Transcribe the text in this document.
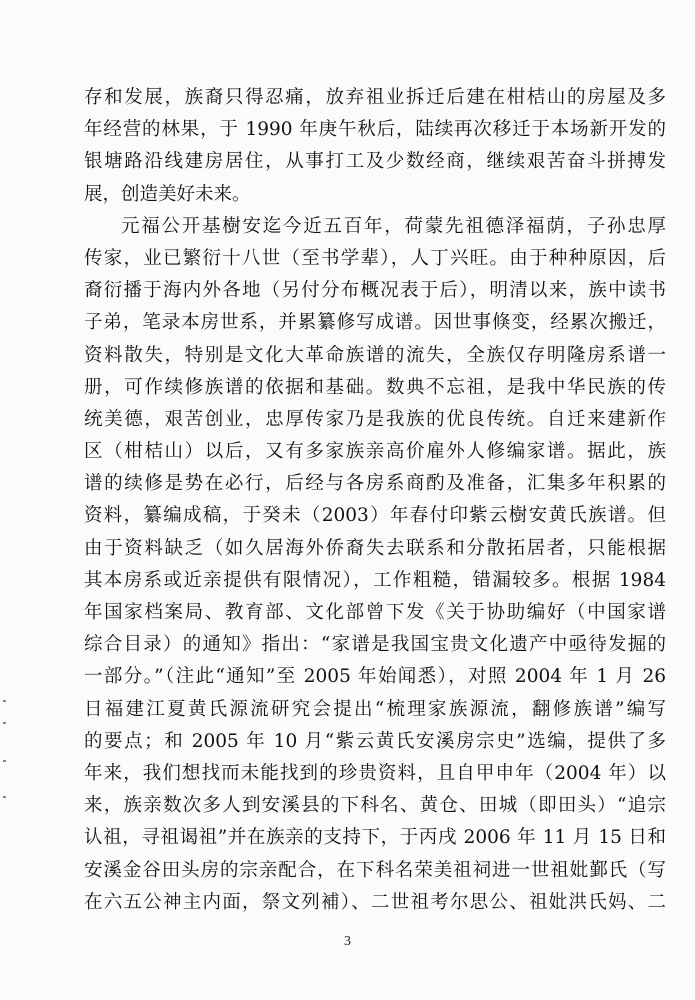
存和发展，族裔只得忍痛，放弃祖业拆迁后建在柑桔山的房屋及多
年经营的林果，于 1990 年庚午秋后，陆续再次移迁于本场新开发的
银塘路沿线建房居住，从事打工及少数经商，继续艰苦奋斗拼搏发
展，创造美好未来。
元福公开基樹安迄今近五百年，荷蒙先祖德泽福荫，子孙忠厚
传家，业已繁衍十八世（至书学辈），人丁兴旺。由于种种原因，后
裔衍播于海内外各地（另付分布概况表于后），明清以来，族中读书
子弟，笔录本房世系，并累纂修写成谱。因世事倏变，经累次搬迁，
资料散失，特别是文化大革命族谱的流失，全族仅存明隆房系谱一
册，可作续修族谱的依据和基础。数典不忘祖，是我中华民族的传
统美德，艰苦创业，忠厚传家乃是我族的优良传统。自迁来建新作
区（柑桔山）以后，又有多家族亲高价雇外人修编家谱。据此，族
谱的续修是势在必行，后经与各房系商酌及准备，汇集多年积累的
资料，纂编成稿，于癸未（2003）年春付印紫云樹安黄氏族谱。但
由于资料缺乏（如久居海外侨裔失去联系和分散拓居者，只能根据
其本房系或近亲提供有限情况），工作粗糙，错漏较多。根据 1984
年国家档案局、教育部、文化部曾下发《关于协助编好（中国家谱
综合目录）的通知》指出：“家谱是我国宝贵文化遗产中亟待发掘的
一部分。”（注此“通知”至 2005 年始闻悉），对照 2004 年 1 月 26
日福建江夏黄氏源流研究会提出“梳理家族源流，翻修族谱”编写
的要点；和 2005 年 10 月“紫云黄氏安溪房宗史”选编，提供了多
年来，我们想找而未能找到的珍贵资料，且自甲申年（2004 年）以
来，族亲数次多人到安溪县的下科名、黄仓、田城（即田头）“追宗
认祖，寻祖谒祖”并在族亲的支持下，于丙戌 2006 年 11 月 15 日和
安溪金谷田头房的宗亲配合，在下科名荣美祖祠进一世祖妣鄞氏（写
在六五公神主内面，祭文列補）、二世祖考尔思公、祖妣洪氏妈、二
3
